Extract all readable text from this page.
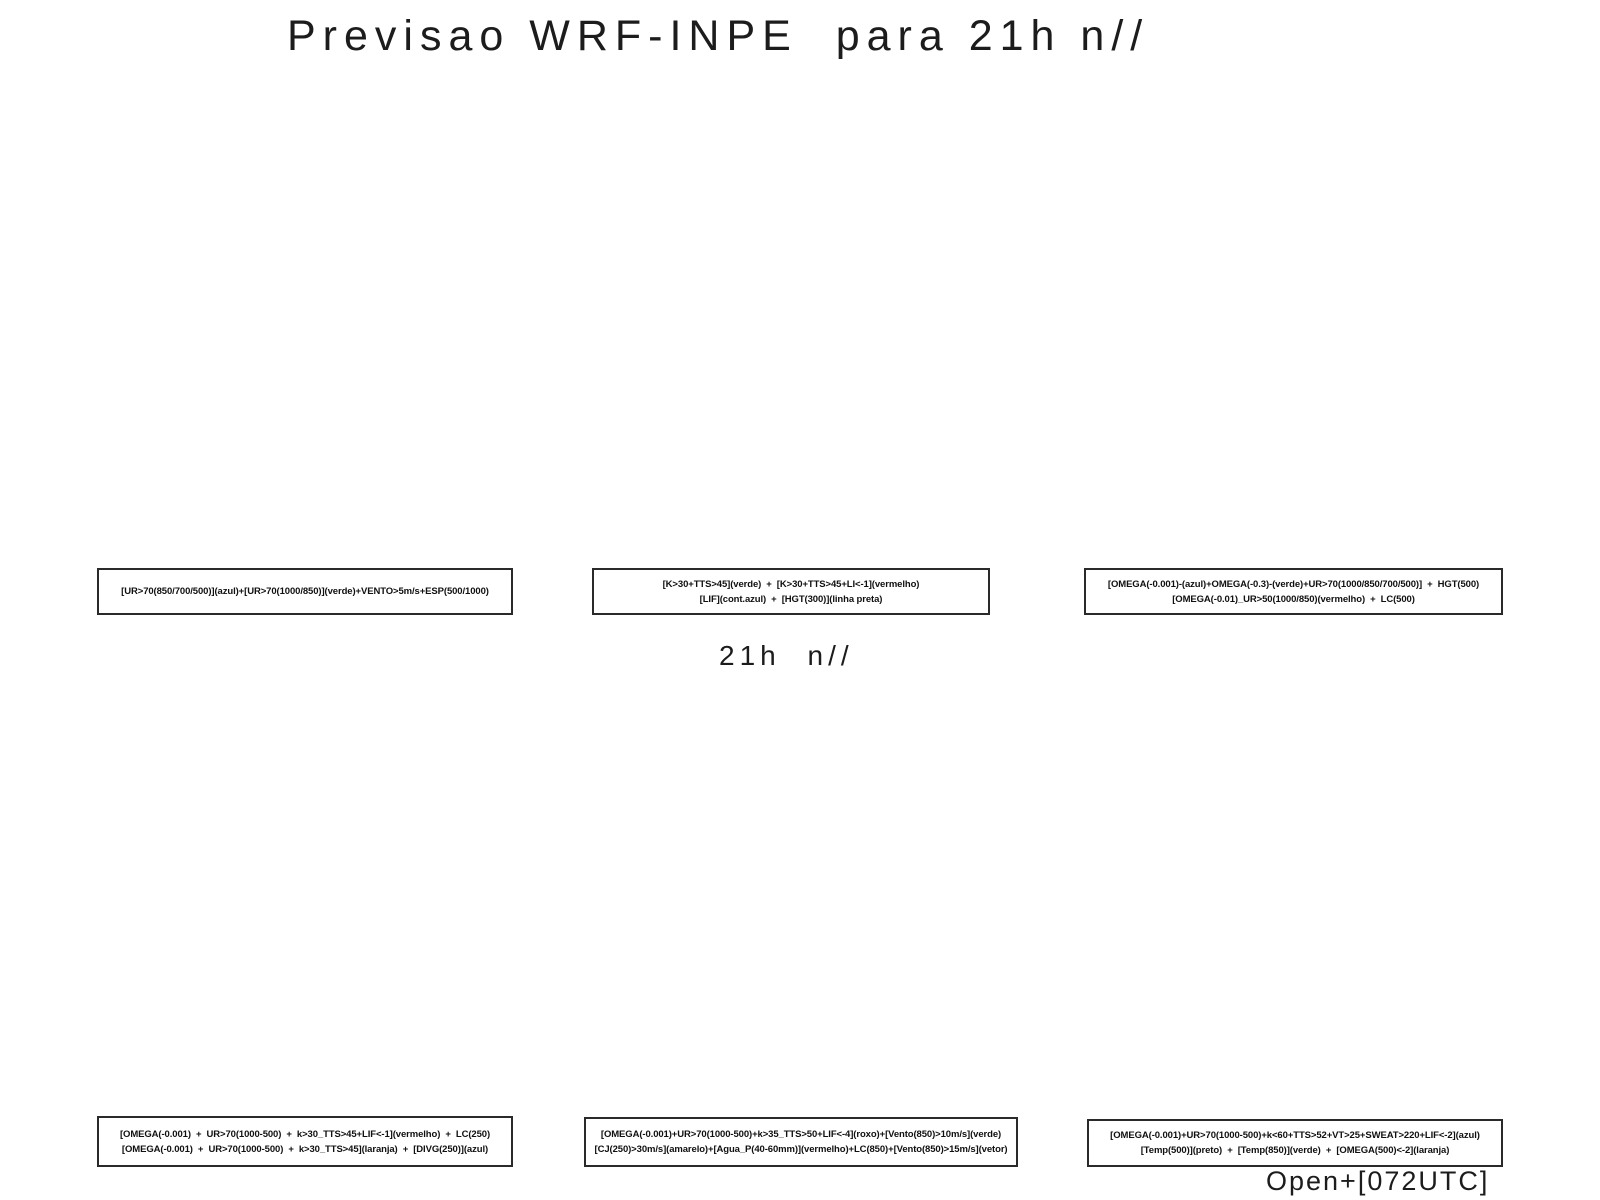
Previsao WRF-INPE  para 21h n//
[UR>70(850/700/500)](azul)+[UR>70(1000/850)](verde)+VENTO>5m/s+ESP(500/1000)
[K>30+TTS>45](verde)  +  [K>30+TTS>45+LI<-1](vermelho)
[LIF](cont.azul)  +  [HGT(300)](linha preta)
[OMEGA(-0.001)-(azul)+OMEGA(-0.3)-(verde)+UR>70(1000/850/700/500)]  +  HGT(500)
[OMEGA(-0.01)_UR>50(1000/850)(vermelho)  +  LC(500)
21h n//
[OMEGA(-0.001)  +  UR>70(1000-500)  +  k>30_TTS>45+LIF<-1](vermelho)  +  LC(250)
[OMEGA(-0.001)  +  UR>70(1000-500)  +  k>30_TTS>45](laranja)  +  [DIVG(250)](azul)
[OMEGA(-0.001)+UR>70(1000-500)+k>35_TTS>50+LIF<-4](roxo)+[Vento(850)>10m/s](verde)
[CJ(250)>30m/s](amarelo)+[Agua_P(40-60mm)](vermelho)+LC(850)+[Vento(850)>15m/s](vetor)
[OMEGA(-0.001)+UR>70(1000-500)+k<60+TTS>52+VT>25+SWEAT>220+LIF<-2](azul)
[Temp(500)](preto)  +  [Temp(850)](verde)  +  [OMEGA(500)<-2](laranja)
Open+[072UTC]
